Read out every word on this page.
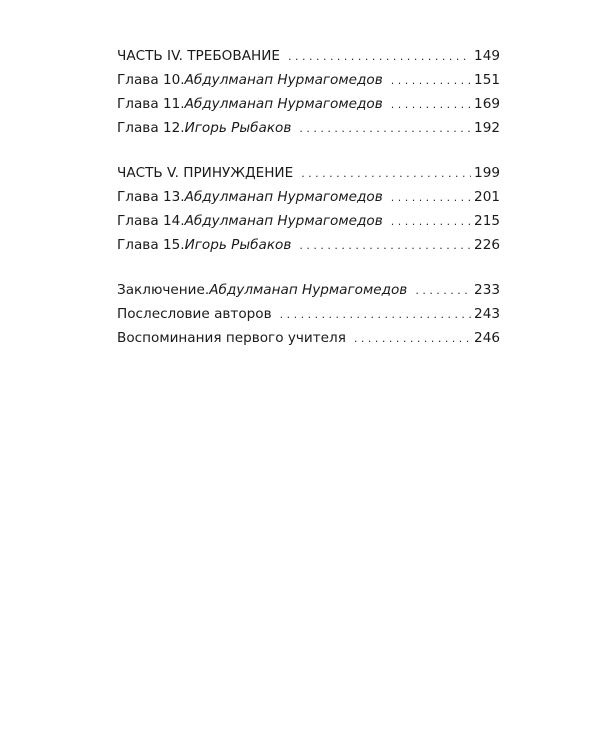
ЧАСТЬ IV. ТРЕБОВАНИЕ . . .	149
Глава 10. Абдулманап Нурмагомедов . . .	151
Глава 11. Абдулманап Нурмагомедов . . .	169
Глава 12. Игорь Рыбаков . . .	192
ЧАСТЬ V. ПРИНУЖДЕНИЕ . . .	199
Глава 13. Абдулманап Нурмагомедов . . .	201
Глава 14. Абдулманап Нурмагомедов . . .	215
Глава 15. Игорь Рыбаков . . .	226
Заключение. Абдулманап Нурмагомедов . . .	233
Послесловие авторов . . .	243
Воспоминания первого учителя . . .	246
